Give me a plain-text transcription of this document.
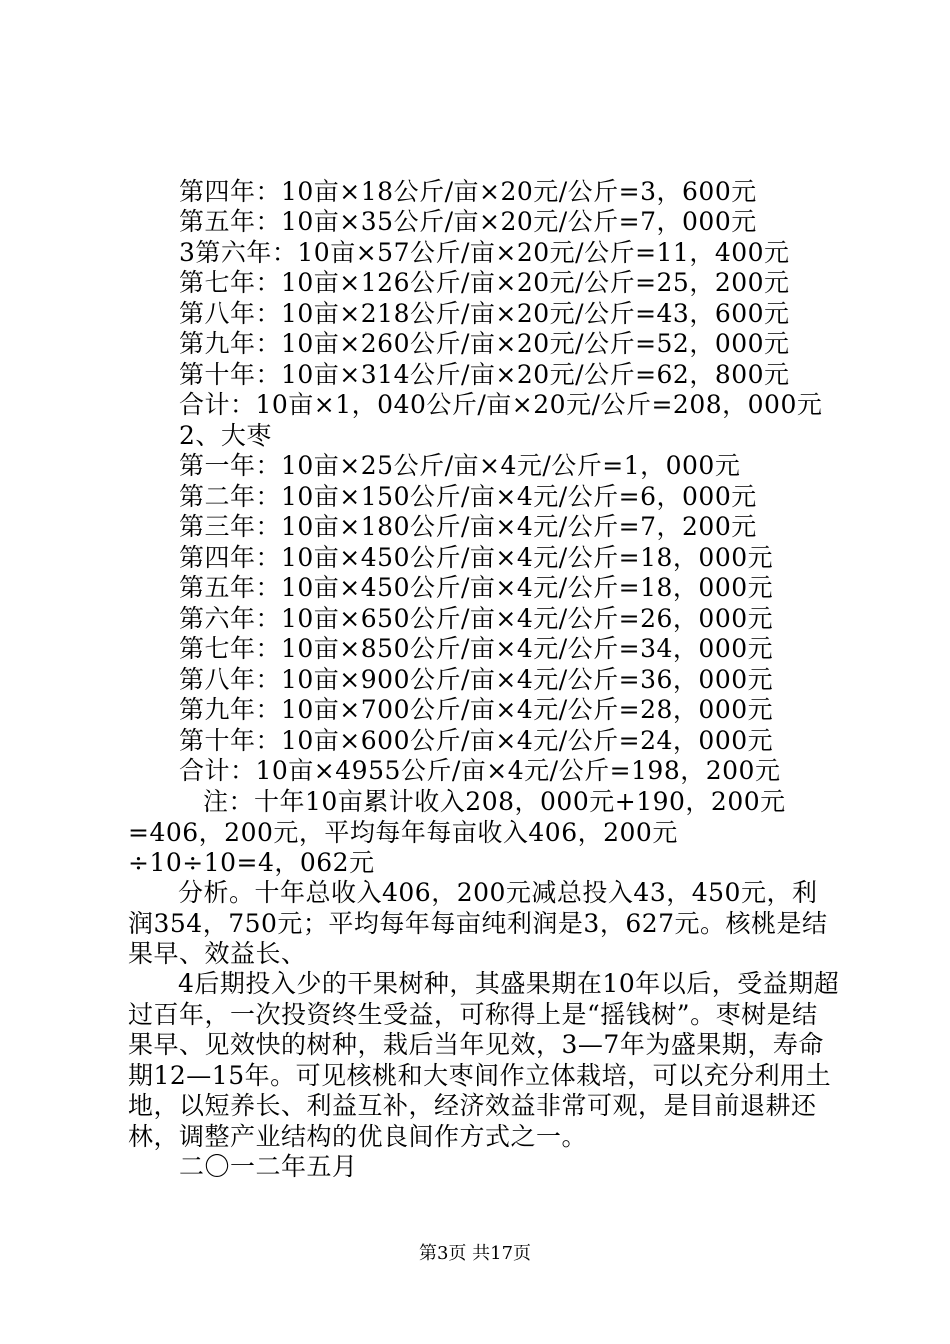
第四年：10亩×18公斤/亩×20元/公斤=3，600元
第五年：10亩×35公斤/亩×20元/公斤=7，000元
3第六年：10亩×57公斤/亩×20元/公斤=11，400元
第七年：10亩×126公斤/亩×20元/公斤=25，200元
第八年：10亩×218公斤/亩×20元/公斤=43，600元
第九年：10亩×260公斤/亩×20元/公斤=52，000元
第十年：10亩×314公斤/亩×20元/公斤=62，800元
合计：10亩×1，040公斤/亩×20元/公斤=208，000元
2、大枣
第一年：10亩×25公斤/亩×4元/公斤=1，000元
第二年：10亩×150公斤/亩×4元/公斤=6，000元
第三年：10亩×180公斤/亩×4元/公斤=7，200元
第四年：10亩×450公斤/亩×4元/公斤=18，000元
第五年：10亩×450公斤/亩×4元/公斤=18，000元
第六年：10亩×650公斤/亩×4元/公斤=26，000元
第七年：10亩×850公斤/亩×4元/公斤=34，000元
第八年：10亩×900公斤/亩×4元/公斤=36，000元
第九年：10亩×700公斤/亩×4元/公斤=28，000元
第十年：10亩×600公斤/亩×4元/公斤=24，000元
合计：10亩×4955公斤/亩×4元/公斤=198，200元
注：十年10亩累计收入208，000元+190，200元=406，200元，平均每年每亩收入406，200元÷10÷10=4，062元
分析。十年总收入406，200元减总投入43，450元，利润354，750元；平均每年每亩纯利润是3，627元。核桃是结果早、效益长、
4后期投入少的干果树种，其盛果期在10年以后，受益期超过百年，一次投资终生受益，可称得上是“摇钱树”。枣树是结果早、见效快的树种，栽后当年见效，3—7年为盛果期，寿命期12—15年。可见核桃和大枣间作立体栽培，可以充分利用土地，以短养长、利益互补，经济效益非常可观，是目前退耕还林，调整产业结构的优良间作方式之一。
二〇一二年五月
第3页 共17页
